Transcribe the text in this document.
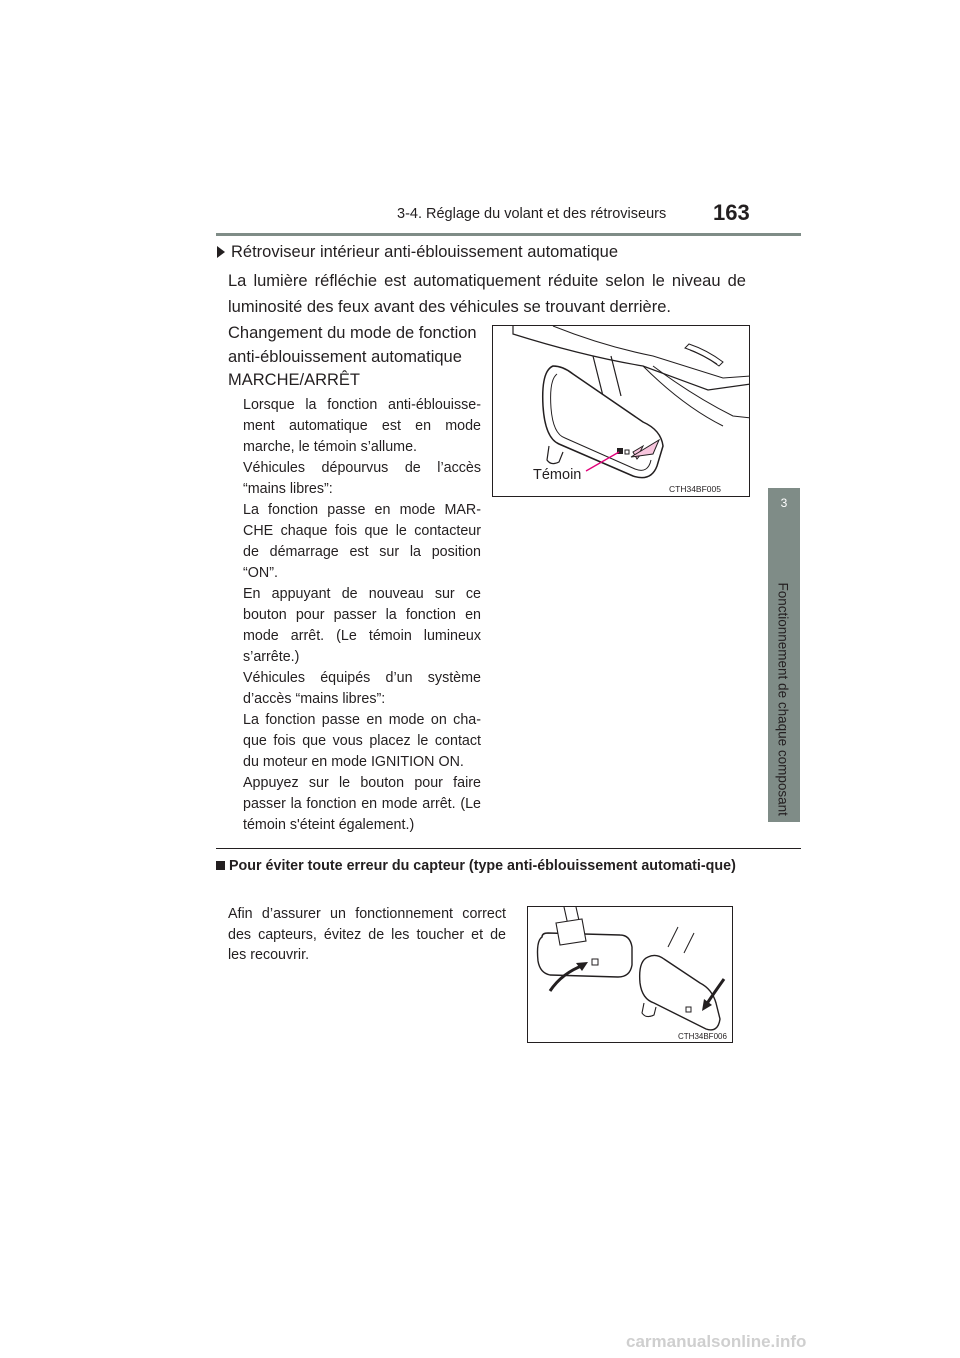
3-4. Réglage du volant et des rétroviseurs 163
3
Fonctionnement de chaque composant
Rétroviseur intérieur anti-éblouissement automatique
La lumière réfléchie est automatiquement réduite selon le niveau de luminosité des feux avant des véhicules se trouvant derrière.
Changement du mode de fonction anti-éblouissement automatique MARCHE/ARRÊT

Lorsque la fonction anti-éblouisse-ment automatique est en mode marche, le témoin s’allume.

Véhicules dépourvus de l’accès “mains libres”:

La fonction passe en mode MAR-CHE chaque fois que le contacteur de démarrage est sur la position “ON”.

En appuyant de nouveau sur ce bouton pour passer la fonction en mode arrêt. (Le témoin lumineux s’arrête.)

Véhicules équipés d’un système d’accès “mains libres”:

La fonction passe en mode on cha-que fois que vous placez le contact du moteur en mode IGNITION ON.

Appuyez sur le bouton pour faire passer la fonction en mode arrêt. (Le témoin s'éteint également.)

Témoin
CTH34BF005
Pour éviter toute erreur du capteur (type anti-éblouissement automati-que)
Afin d’assurer un fonctionnement correct des capteurs, évitez de les toucher et de les recouvrir.
CTH34BF006
carmanualsonline.info
